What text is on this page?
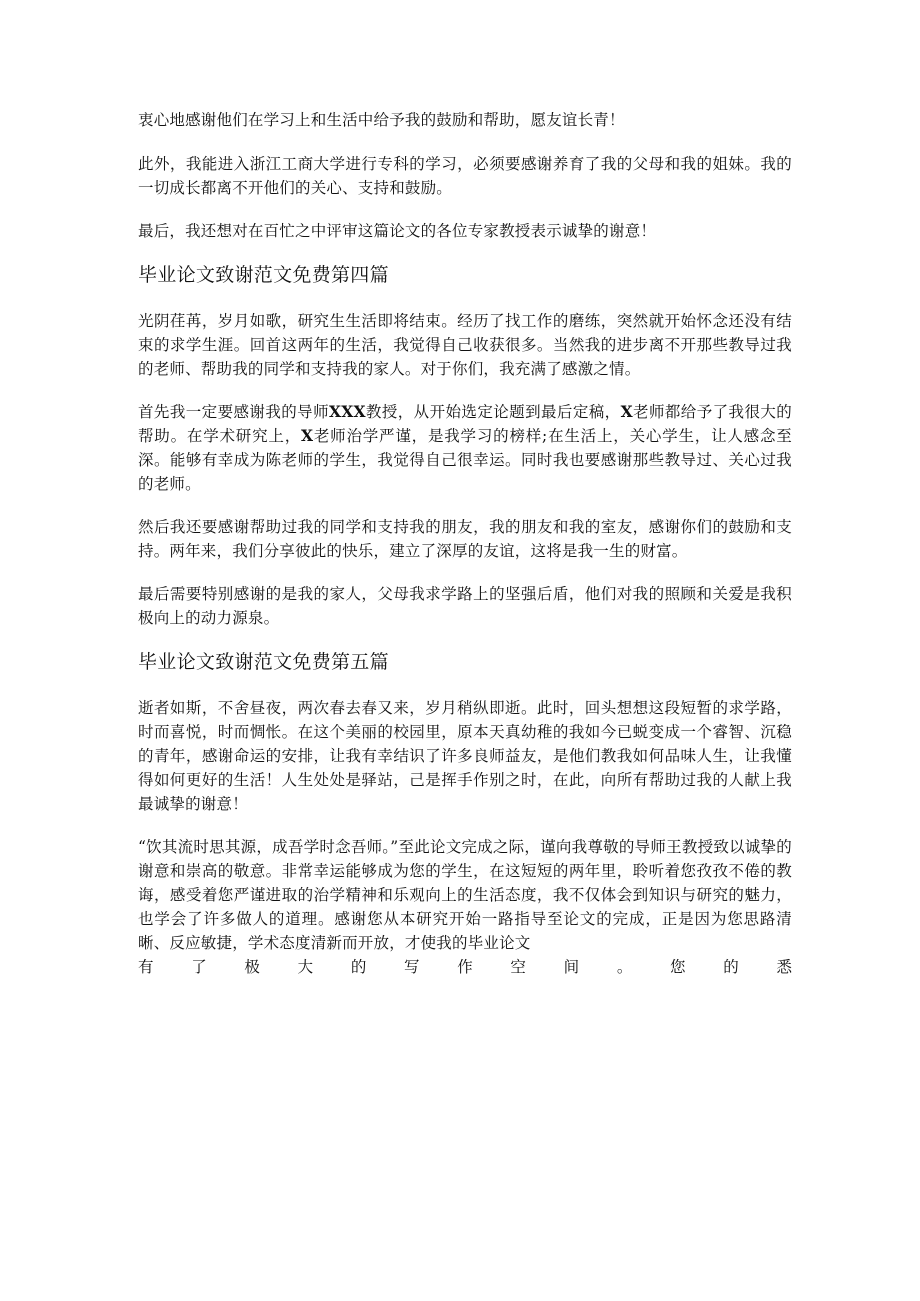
衷心地感谢他们在学习上和生活中给予我的鼓励和帮助，愿友谊长青！

此外，我能进入浙江工商大学进行专科的学习，必须要感谢养育了我的父母和我的姐妹。我的一切成长都离不开他们的关心、支持和鼓励。

最后，我还想对在百忙之中评审这篇论文的各位专家教授表示诚挚的谢意！

毕业论文致谢范文免费第四篇

光阴荏苒，岁月如歌，研究生生活即将结束。经历了找工作的磨练，突然就开始怀念还没有结束的求学生涯。回首这两年的生活，我觉得自己收获很多。当然我的进步离不开那些教导过我的老师、帮助我的同学和支持我的家人。对于你们，我充满了感激之情。

首先我一定要感谢我的导师XXX教授，从开始选定论题到最后定稿，X老师都给予了我很大的帮助。在学术研究上，X老师治学严谨，是我学习的榜样;在生活上，关心学生，让人感念至深。能够有幸成为陈老师的学生，我觉得自己很幸运。同时我也要感谢那些教导过、关心过我的老师。

然后我还要感谢帮助过我的同学和支持我的朋友，我的朋友和我的室友，感谢你们的鼓励和支持。两年来，我们分享彼此的快乐，建立了深厚的友谊，这将是我一生的财富。

最后需要特别感谢的是我的家人，父母我求学路上的坚强后盾，他们对我的照顾和关爱是我积极向上的动力源泉。

毕业论文致谢范文免费第五篇

逝者如斯，不舍昼夜，两次春去春又来，岁月稍纵即逝。此时，回头想想这段短暂的求学路，时而喜悦，时而惆怅。在这个美丽的校园里，原本天真幼稚的我如今已蜕变成一个睿智、沉稳的青年，感谢命运的安排，让我有幸结识了许多良师益友，是他们教我如何品味人生，让我懂得如何更好的生活！人生处处是驿站，己是挥手作别之时，在此，向所有帮助过我的人献上我最诚挚的谢意！

“饮其流时思其源，成吾学时念吾师。”至此论文完成之际，谨向我尊敬的导师王教授致以诚挚的谢意和崇高的敬意。非常幸运能够成为您的学生，在这短短的两年里，聆听着您孜孜不倦的教诲，感受着您严谨进取的治学精神和乐观向上的生活态度，我不仅体会到知识与研究的魅力，也学会了许多做人的道理。感谢您从本研究开始一路指导至论文的完成，正是因为您思路清晰、反应敏捷，学术态度清新而开放，才使我的毕业论文

有 了 极 大 的 写 作 空 间 。 您 的 悉
